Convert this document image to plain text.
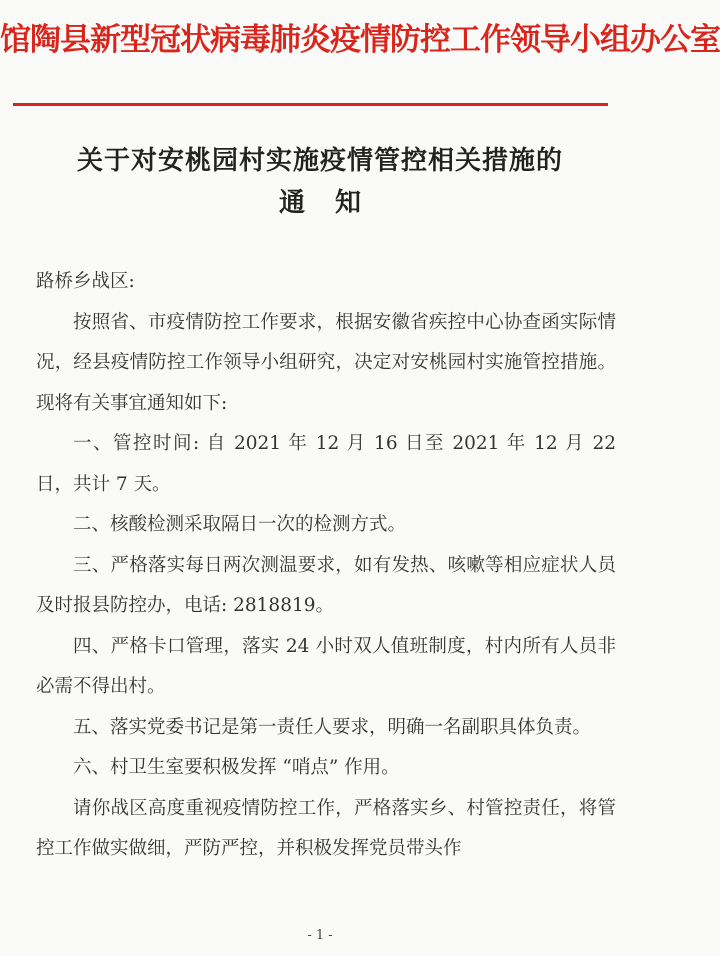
馆陶县新型冠状病毒肺炎疫情防控工作领导小组办公室
关于对安桃园村实施疫情管控相关措施的
通知

路桥乡战区:

按照省、市疫情防控工作要求，根据安徽省疾控中心协查函实际情况，经县疫情防控工作领导小组研究，决定对安桃园村实施管控措施。现将有关事宜通知如下:

一、管控时间: 自 2021 年 12 月 16 日至 2021 年 12 月 22 日，共计 7 天。

二、核酸检测采取隔日一次的检测方式。

三、严格落实每日两次测温要求，如有发热、咳嗽等相应症状人员及时报县防控办，电话: 2818819。

四、严格卡口管理，落实 24 小时双人值班制度，村内所有人员非必需不得出村。

五、落实党委书记是第一责任人要求，明确一名副职具体负责。

六、村卫生室要积极发挥 “哨点” 作用。

请你战区高度重视疫情防控工作，严格落实乡、村管控责任，将管控工作做实做细，严防严控，并积极发挥党员带头作

- 1 -
